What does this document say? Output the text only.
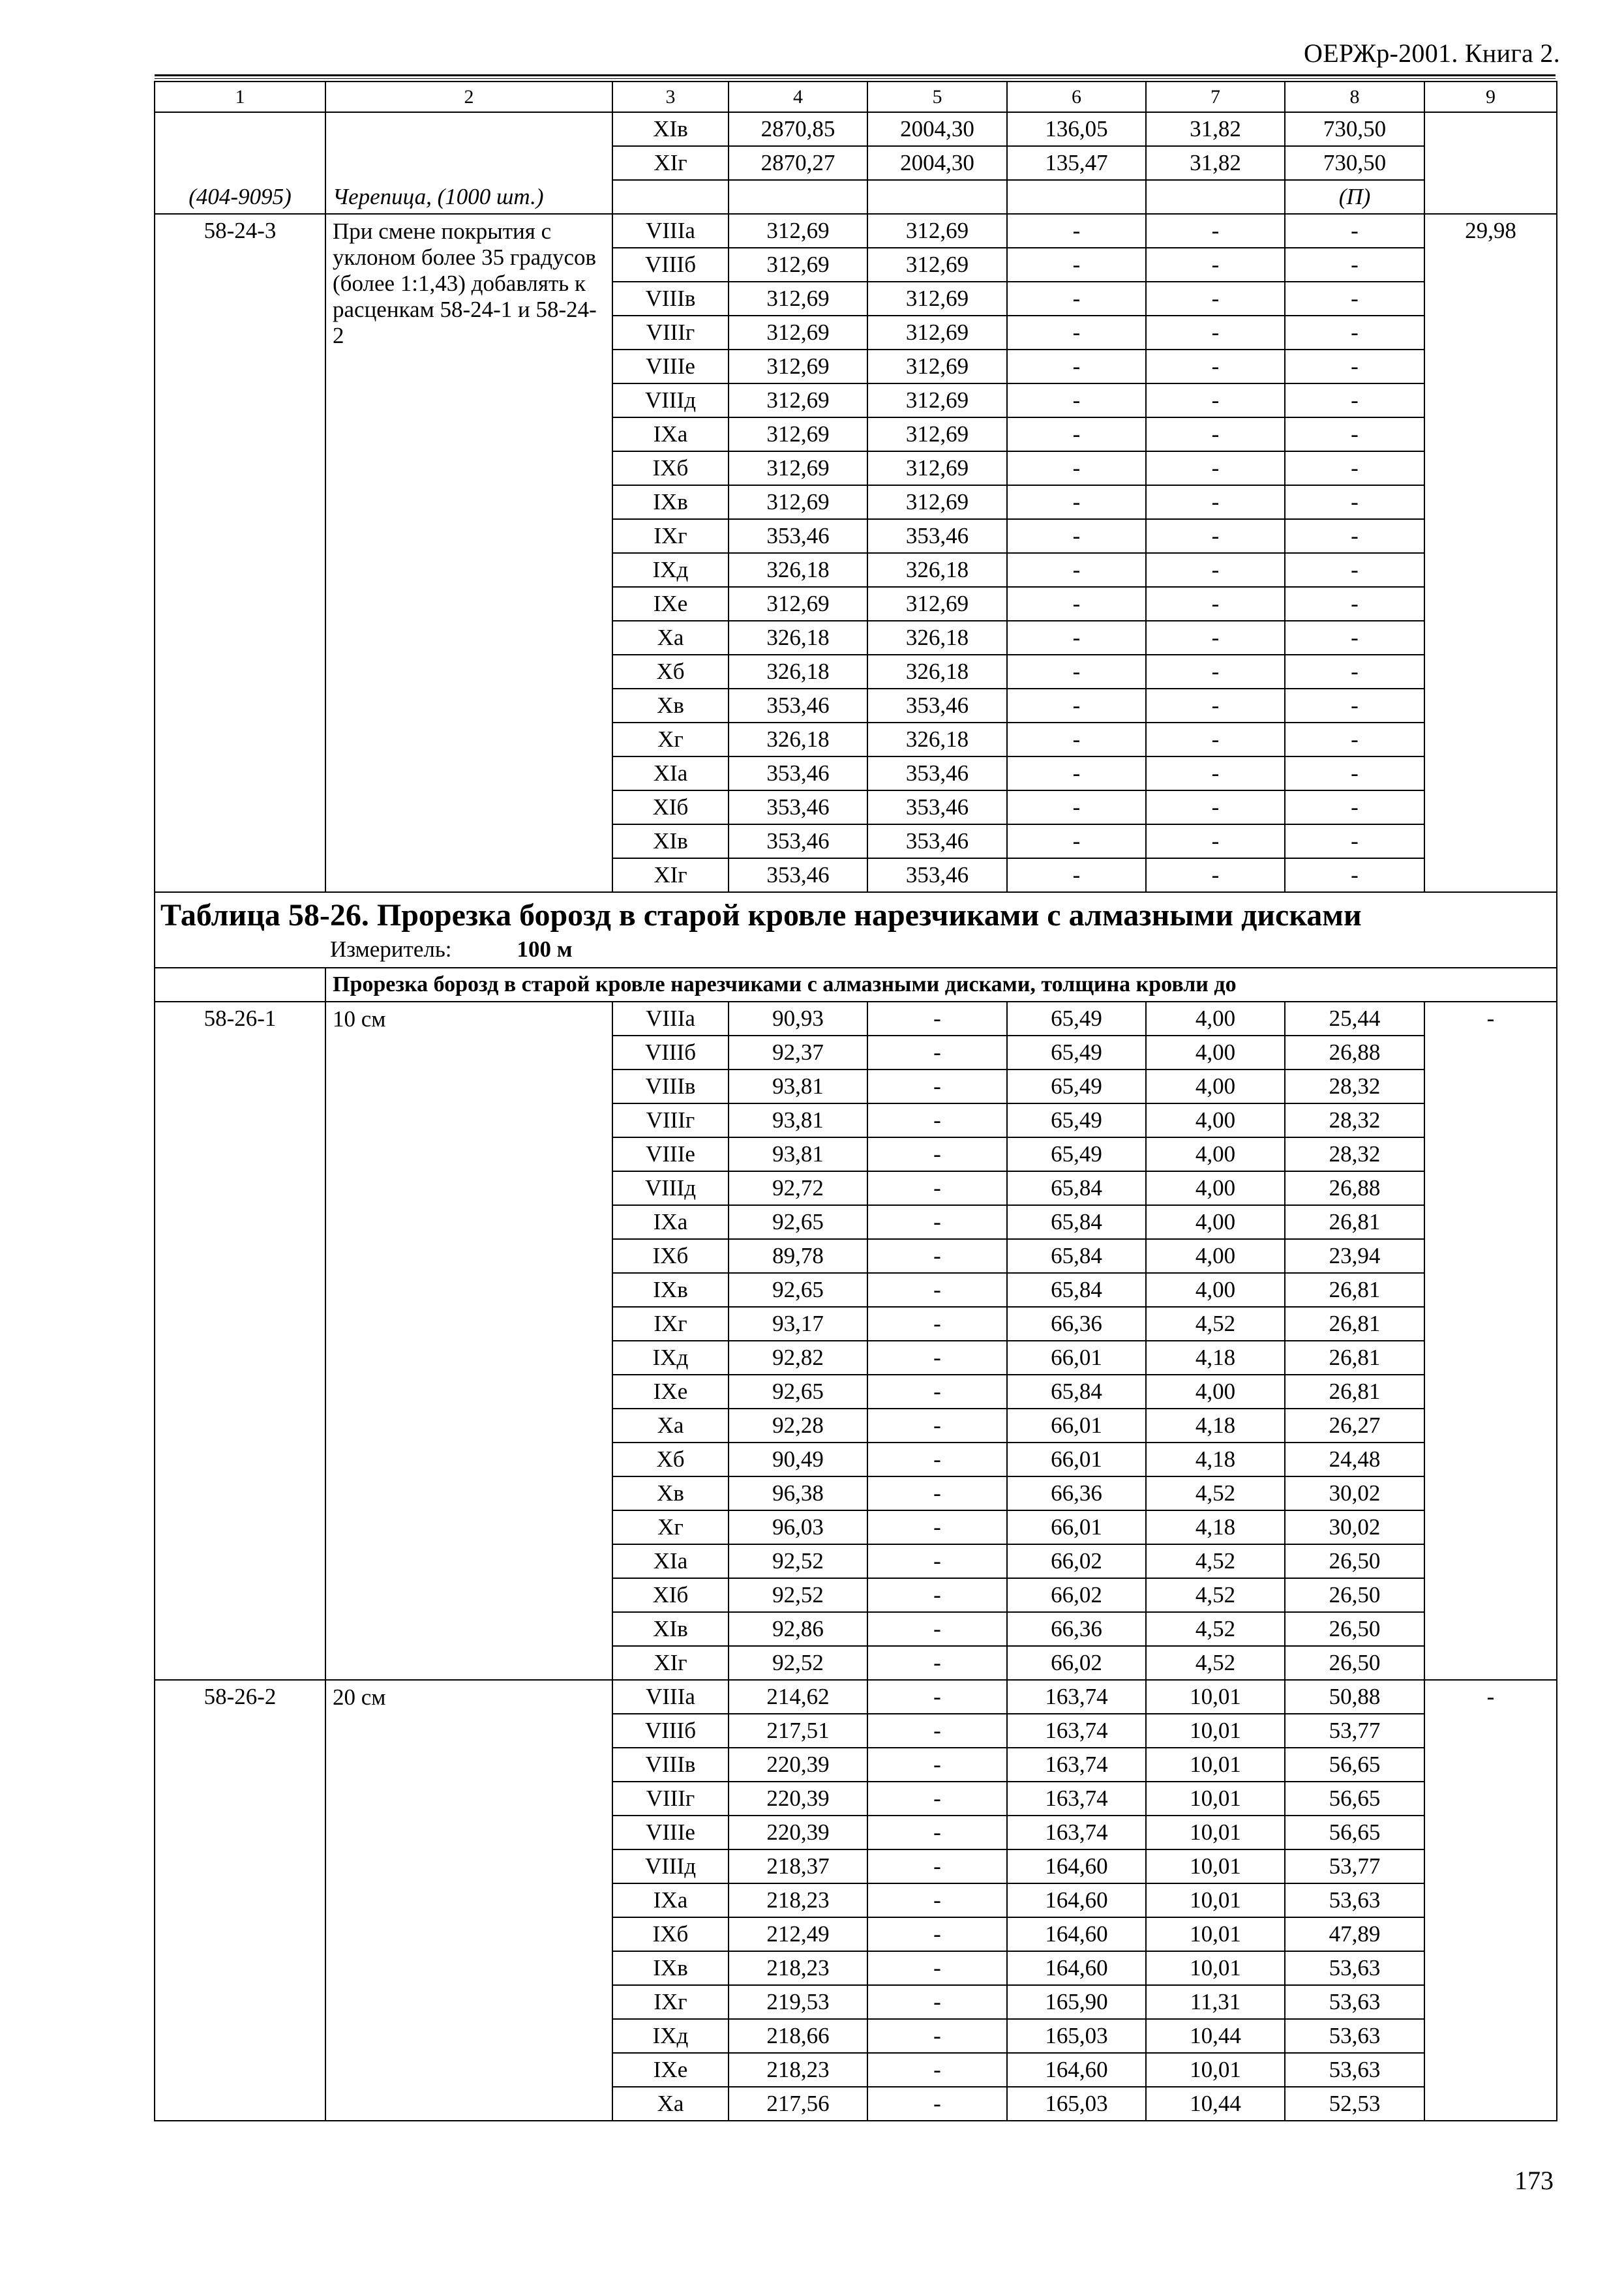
ОЕРЖр-2001. Книга 2.
1	2	3	4	5	6	7	8	9
(404-9095)	Черепица, (1000 шт.)	XIв	2870,85	2004,30	136,05	31,82	730,50	
		XIг	2870,27	2004,30	135,47	31,82	730,50	
							(П)	
58-24-3	При смене покрытия с уклоном более 35 градусов (более 1:1,43) добавлять к расценкам 58-24-1 и 58-24-2	VIIIа	312,69	312,69	-	-	-	29,98
		VIIIб	312,69	312,69	-	-	-	
		VIIIв	312,69	312,69	-	-	-	
		VIIIг	312,69	312,69	-	-	-	
		VIIIе	312,69	312,69	-	-	-	
		VIIIд	312,69	312,69	-	-	-	
		IXа	312,69	312,69	-	-	-	
		IXб	312,69	312,69	-	-	-	
		IXв	312,69	312,69	-	-	-	
		IXг	353,46	353,46	-	-	-	
		IXд	326,18	326,18	-	-	-	
		IXе	312,69	312,69	-	-	-	
		Xа	326,18	326,18	-	-	-	
		Xб	326,18	326,18	-	-	-	
		Xв	353,46	353,46	-	-	-	
		Xг	326,18	326,18	-	-	-	
		XIа	353,46	353,46	-	-	-	
		XIб	353,46	353,46	-	-	-	
		XIв	353,46	353,46	-	-	-	
		XIг	353,46	353,46	-	-	-	

Таблица 58-26. Прорезка борозд в старой кровле нарезчиками с алмазными дисками
Измеритель: 100 м								

	Прорезка борозд в старой кровле нарезчиками с алмазными дисками, толщина кровли до							
58-26-1	10 см	VIIIа	90,93	-	65,49	4,00	25,44	-
		VIIIб	92,37	-	65,49	4,00	26,88	
		VIIIв	93,81	-	65,49	4,00	28,32	
		VIIIг	93,81	-	65,49	4,00	28,32	
		VIIIе	93,81	-	65,49	4,00	28,32	
		VIIIд	92,72	-	65,84	4,00	26,88	
		IXа	92,65	-	65,84	4,00	26,81	
		IXб	89,78	-	65,84	4,00	23,94	
		IXв	92,65	-	65,84	4,00	26,81	
		IXг	93,17	-	66,36	4,52	26,81	
		IXд	92,82	-	66,01	4,18	26,81	
		IXе	92,65	-	65,84	4,00	26,81	
		Xа	92,28	-	66,01	4,18	26,27	
		Xб	90,49	-	66,01	4,18	24,48	
		Xв	96,38	-	66,36	4,52	30,02	
		Xг	96,03	-	66,01	4,18	30,02	
		XIа	92,52	-	66,02	4,52	26,50	
		XIб	92,52	-	66,02	4,52	26,50	
		XIв	92,86	-	66,36	4,52	26,50	
		XIг	92,52	-	66,02	4,52	26,50	
58-26-2	20 см	VIIIа	214,62	-	163,74	10,01	50,88	-
		VIIIб	217,51	-	163,74	10,01	53,77	
		VIIIв	220,39	-	163,74	10,01	56,65	
		VIIIг	220,39	-	163,74	10,01	56,65	
		VIIIе	220,39	-	163,74	10,01	56,65	
		VIIIд	218,37	-	164,60	10,01	53,77	
		IXа	218,23	-	164,60	10,01	53,63	
		IXб	212,49	-	164,60	10,01	47,89	
		IXв	218,23	-	164,60	10,01	53,63	
		IXг	219,53	-	165,90	11,31	53,63	
		IXд	218,66	-	165,03	10,44	53,63	
		IXе	218,23	-	164,60	10,01	53,63	
		Xа	217,56	-	165,03	10,44	52,53	
173
